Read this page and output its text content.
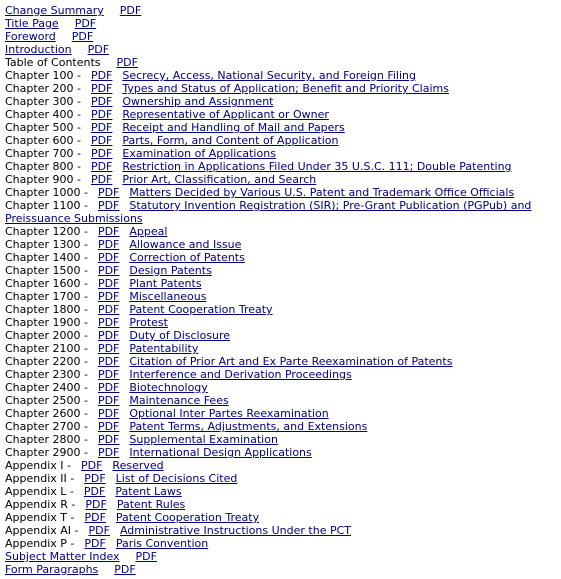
Change Summary PDF
Title Page PDF
Foreword PDF
Introduction PDF
Table of Contents PDF
Chapter 100 - PDF Secrecy, Access, National Security, and Foreign Filing
Chapter 200 - PDF Types and Status of Application; Benefit and Priority Claims
Chapter 300 - PDF Ownership and Assignment
Chapter 400 - PDF Representative of Applicant or Owner
Chapter 500 - PDF Receipt and Handling of Mail and Papers
Chapter 600 - PDF Parts, Form, and Content of Application
Chapter 700 - PDF Examination of Applications
Chapter 800 - PDF Restriction in Applications Filed Under 35 U.S.C. 111; Double Patenting
Chapter 900 - PDF Prior Art, Classification, and Search
Chapter 1000 - PDF Matters Decided by Various U.S. Patent and Trademark Office Officials
Chapter 1100 - PDF Statutory Invention Registration (SIR); Pre-Grant Publication (PGPub) and Preissuance Submissions
Chapter 1200 - PDF Appeal
Chapter 1300 - PDF Allowance and Issue
Chapter 1400 - PDF Correction of Patents
Chapter 1500 - PDF Design Patents
Chapter 1600 - PDF Plant Patents
Chapter 1700 - PDF Miscellaneous
Chapter 1800 - PDF Patent Cooperation Treaty
Chapter 1900 - PDF Protest
Chapter 2000 - PDF Duty of Disclosure
Chapter 2100 - PDF Patentability
Chapter 2200 - PDF Citation of Prior Art and Ex Parte Reexamination of Patents
Chapter 2300 - PDF Interference and Derivation Proceedings
Chapter 2400 - PDF Biotechnology
Chapter 2500 - PDF Maintenance Fees
Chapter 2600 - PDF Optional Inter Partes Reexamination
Chapter 2700 - PDF Patent Terms, Adjustments, and Extensions
Chapter 2800 - PDF Supplemental Examination
Chapter 2900 - PDF International Design Applications
Appendix I - PDF Reserved
Appendix II - PDF List of Decisions Cited
Appendix L - PDF Patent Laws
Appendix R - PDF Patent Rules
Appendix T - PDF Patent Cooperation Treaty
Appendix AI - PDF Administrative Instructions Under the PCT
Appendix P - PDF Paris Convention
Subject Matter Index PDF
Form Paragraphs PDF
